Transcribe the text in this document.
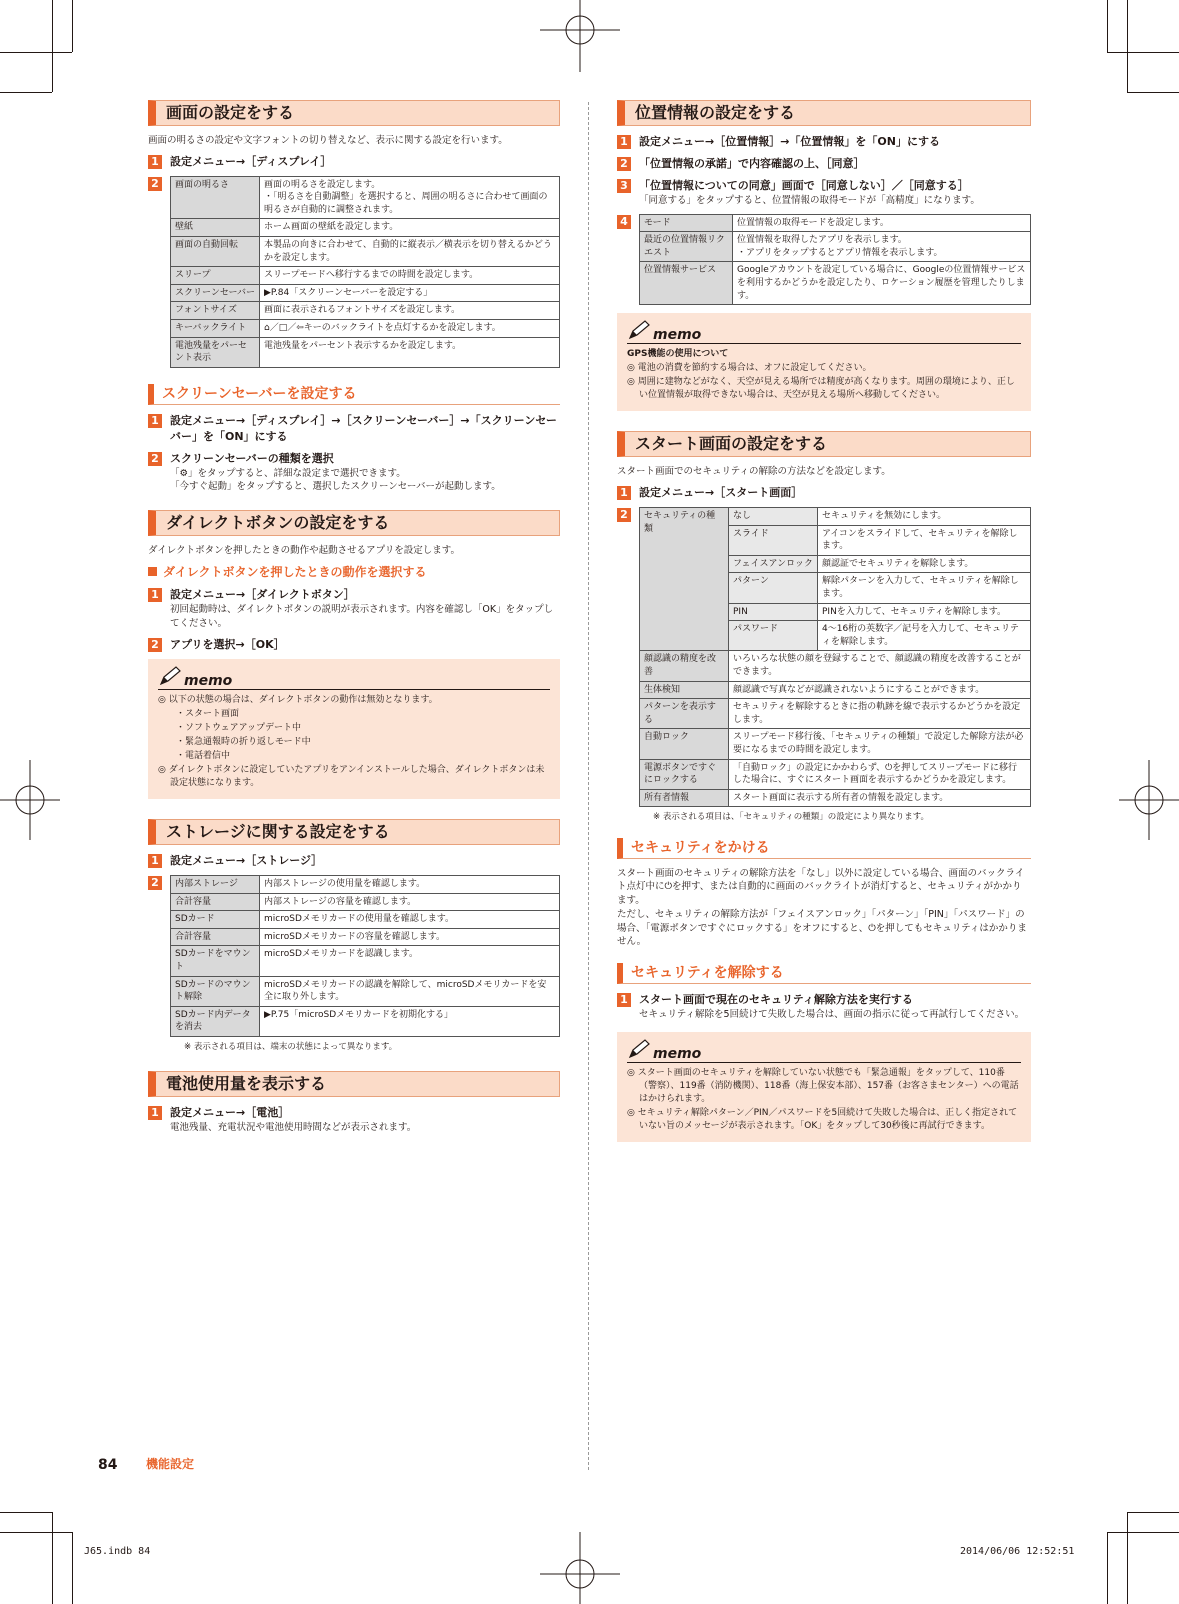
画面の設定をする

画面の明るさの設定や文字フォントの切り替えなど、表示に関する設定を行います。

1 設定メニュー→［ディスプレイ］
2	画面の明るさ	画面の明るさを設定します。
・「明るさを自動調整」を選択すると、周囲の明るさに合わせて画面の明るさが自動的に調整されます。
壁紙	ホーム画面の壁紙を設定します。
画面の自動回転	本製品の向きに合わせて、自動的に縦表示／横表示を切り替えるかどうかを設定します。
スリープ	スリープモードへ移行するまでの時間を設定します。
スクリーンセーバー	▶P.84「スクリーンセーバーを設定する」
フォントサイズ	画面に表示されるフォントサイズを設定します。
キーバックライト	⌂／□／⇦キーのバックライトを点灯するかを設定します。
電池残量をパーセント表示	電池残量をパーセント表示するかを設定します。
スクリーンセーバーを設定する
1 設定メニュー→［ディスプレイ］→［スクリーンセーバー］→「スクリーンセーバー」を「ON」にする
2 スクリーンセーバーの種類を選択
「⚙」をタップすると、詳細な設定まで選択できます。
「今すぐ起動」をタップすると、選択したスクリーンセーバーが起動します。
ダイレクトボタンの設定をする

ダイレクトボタンを押したときの動作や起動させるアプリを設定します。

ダイレクトボタンを押したときの動作を選択する
1 設定メニュー→［ダイレクトボタン］
初回起動時は、ダイレクトボタンの説明が表示されます。内容を確認し「OK」をタップしてください。
2 アプリを選択→［OK］
memo

◎ 以下の状態の場合は、ダイレクトボタンの動作は無効となります。

・スタート画面

・ソフトウェアアップデート中

・緊急通報時の折り返しモード中

・電話着信中

◎ ダイレクトボタンに設定していたアプリをアンインストールした場合、ダイレクトボタンは未設定状態になります。

ストレージに関する設定をする
1 設定メニュー→［ストレージ］
2	内部ストレージ	内部ストレージの使用量を確認します。
合計容量	内部ストレージの容量を確認します。
SDカード	microSDメモリカードの使用量を確認します。
合計容量	microSDメモリカードの容量を確認します。
SDカードをマウント	microSDメモリカードを認識します。
SDカードのマウント解除	microSDメモリカードの認識を解除して、microSDメモリカードを安全に取り外します。
SDカード内データを消去	▶P.75「microSDメモリカードを初期化する」
※ 表示される項目は、端末の状態によって異なります。
電池使用量を表示する
1 設定メニュー→［電池］
電池残量、充電状況や電池使用時間などが表示されます。
位置情報の設定をする
1 設定メニュー→［位置情報］→「位置情報」を「ON」にする
2 「位置情報の承諾」で内容確認の上、［同意］
3 「位置情報についての同意」画面で［同意しない］／［同意する］
「同意する」をタップすると、位置情報の取得モードが「高精度」になります。
4	モード	位置情報の取得モードを設定します。
最近の位置情報リクエスト	位置情報を取得したアプリを表示します。
・アプリをタップするとアプリ情報を表示します。
位置情報サービス	Googleアカウントを設定している場合に、Googleの位置情報サービスを利用するかどうかを設定したり、ロケーション履歴を管理したりします。
memo

GPS機能の使用について

◎ 電池の消費を節約する場合は、オフに設定してください。

◎ 周囲に建物などがなく、天空が見える場所では精度が高くなります。周囲の環境により、正しい位置情報が取得できない場合は、天空が見える場所へ移動してください。

スタート画面の設定をする

スタート画面でのセキュリティの解除の方法などを設定します。

1 設定メニュー→［スタート画面］
2	セキュリティの種類	なし	セキュリティを無効にします。
	スライド	アイコンをスライドして、セキュリティを解除します。
	フェイスアンロック	顔認証でセキュリティを解除します。
	パターン	解除パターンを入力して、セキュリティを解除します。
	PIN	PINを入力して、セキュリティを解除します。
	パスワード	4～16桁の英数字／記号を入力して、セキュリティを解除します。
顔認識の精度を改善	いろいろな状態の顔を登録することで、顔認識の精度を改善することができます。	
生体検知	顔認識で写真などが認識されないようにすることができます。	
パターンを表示する	セキュリティを解除するときに指の軌跡を線で表示するかどうかを設定します。	
自動ロック	スリープモード移行後、「セキュリティの種類」で設定した解除方法が必要になるまでの時間を設定します。	
電源ボタンですぐにロックする	「自動ロック」の設定にかかわらず、⏻を押してスリープモードに移行した場合に、すぐにスタート画面を表示するかどうかを設定します。	
所有者情報	スタート画面に表示する所有者の情報を設定します。	
※ 表示される項目は、「セキュリティの種類」の設定により異なります。
セキュリティをかける

スタート画面のセキュリティの解除方法を「なし」以外に設定している場合、画面のバックライト点灯中に⏻を押す、または自動的に画面のバックライトが消灯すると、セキュリティがかかります。

ただし、セキュリティの解除方法が「フェイスアンロック」「パターン」「PIN」「パスワード」の場合、「電源ボタンですぐにロックする」をオフにすると、⏻を押してもセキュリティはかかりません。

セキュリティを解除する
1 スタート画面で現在のセキュリティ解除方法を実行する
セキュリティ解除を5回続けて失敗した場合は、画面の指示に従って再試行してください。
memo

◎ スタート画面のセキュリティを解除していない状態でも「緊急通報」をタップして、110番（警察）、119番（消防機関）、118番（海上保安本部）、157番（お客さまセンター）への電話はかけられます。

◎ セキュリティ解除パターン／PIN／パスワードを5回続けて失敗した場合は、正しく指定されていない旨のメッセージが表示されます。「OK」をタップして30秒後に再試行できます。

84 機能設定
J65.indb 84	2014/06/06 12:52:51
